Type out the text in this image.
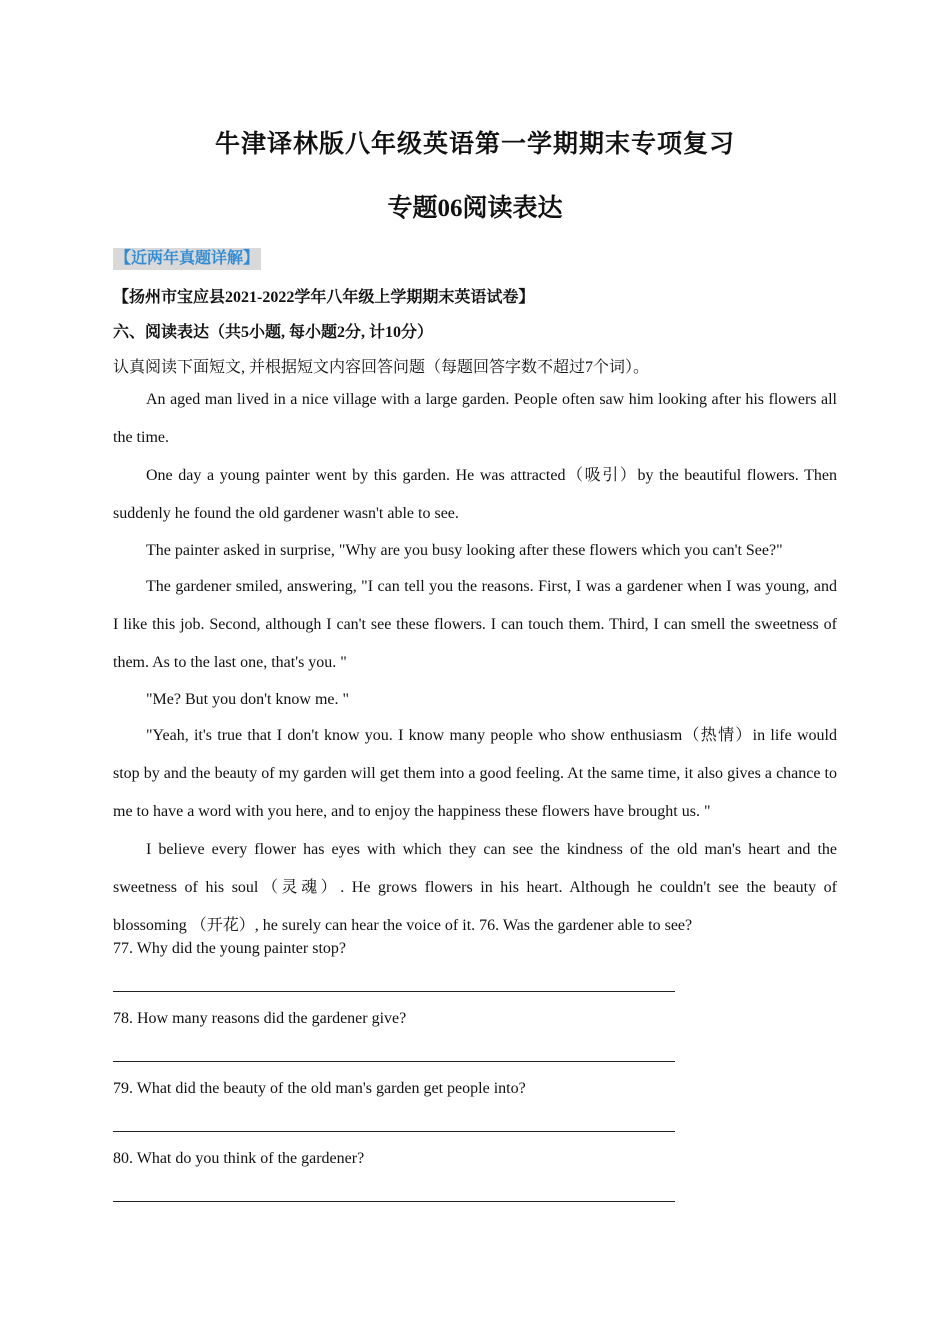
牛津译林版八年级英语第一学期期末专项复习
专题06阅读表达
【近两年真题详解】
【扬州市宝应县2021-2022学年八年级上学期期末英语试卷】
六、阅读表达（共5小题, 每小题2分, 计10分）
认真阅读下面短文, 并根据短文内容回答问题（每题回答字数不超过7个词）。

An aged man lived in a nice village with a large garden. People often saw him looking after his flowers all the time.

One day a young painter went by this garden. He was attracted（吸引）by the beautiful flowers. Then suddenly he found the old gardener wasn't able to see.

The painter asked in surprise, "Why are you busy looking after these flowers which you can't See?"

The gardener smiled, answering, "I can tell you the reasons. First, I was a gardener when I was young, and I like this job. Second, although I can't see these flowers. I can touch them. Third, I can smell the sweetness of them. As to the last one, that's you. "

"Me? But you don't know me. "

"Yeah, it's true that I don't know you. I know many people who show enthusiasm（热情）in life would stop by and the beauty of my garden will get them into a good feeling. At the same time, it also gives a chance to me to have a word with you here, and to enjoy the happiness these flowers have brought us. "

I believe every flower has eyes with which they can see the kindness of the old man's heart and the sweetness of his soul（灵魂）. He grows flowers in his heart. Although he couldn't see the beauty of blossoming （开花）, he surely can hear the voice of it. 76. Was the gardener able to see?

77. Why did the young painter stop?
78. How many reasons did the gardener give?
79. What did the beauty of the old man's garden get people into?
80. What do you think of the gardener?
